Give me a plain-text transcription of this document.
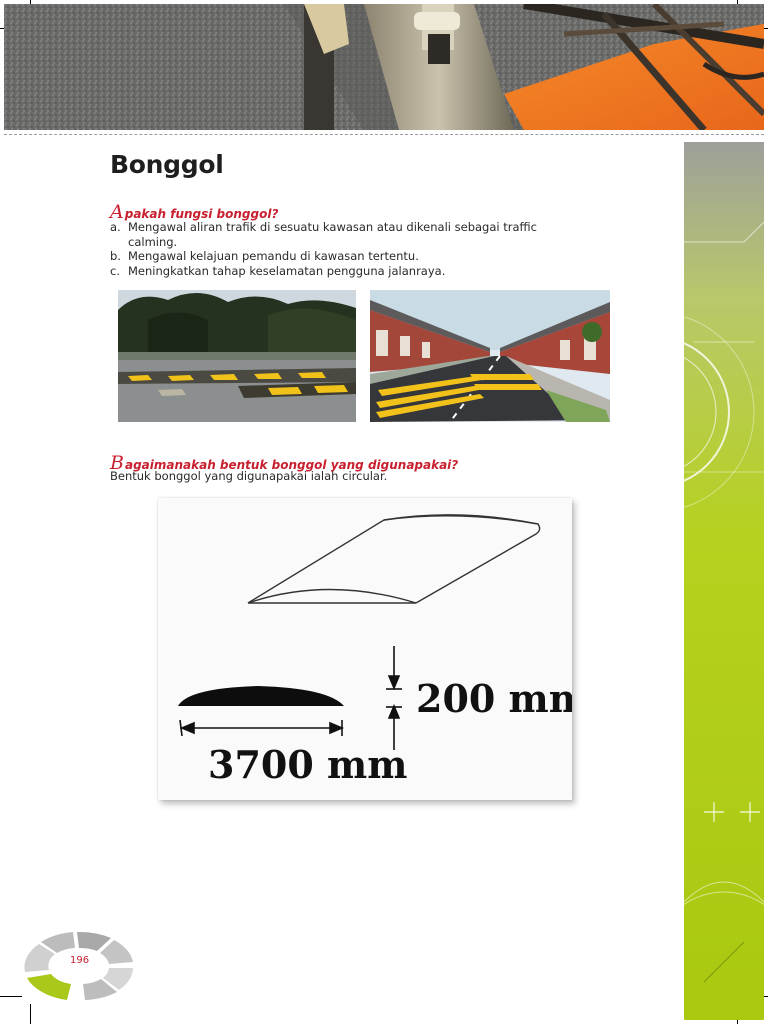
Bonggol
Apakah fungsi bonggol?
a. Mengawal aliran trafik di sesuatu kawasan atau dikenali sebagai traffic
calming.
b. Mengawal kelajuan pemandu di kawasan tertentu.
c. Meningkatkan tahap keselamatan pengguna jalanraya.
Bagaimanakah bentuk bonggol yang digunapakai?
Bentuk bonggol yang digunapakai ialah circular.
200 mm
3700 mm
196
